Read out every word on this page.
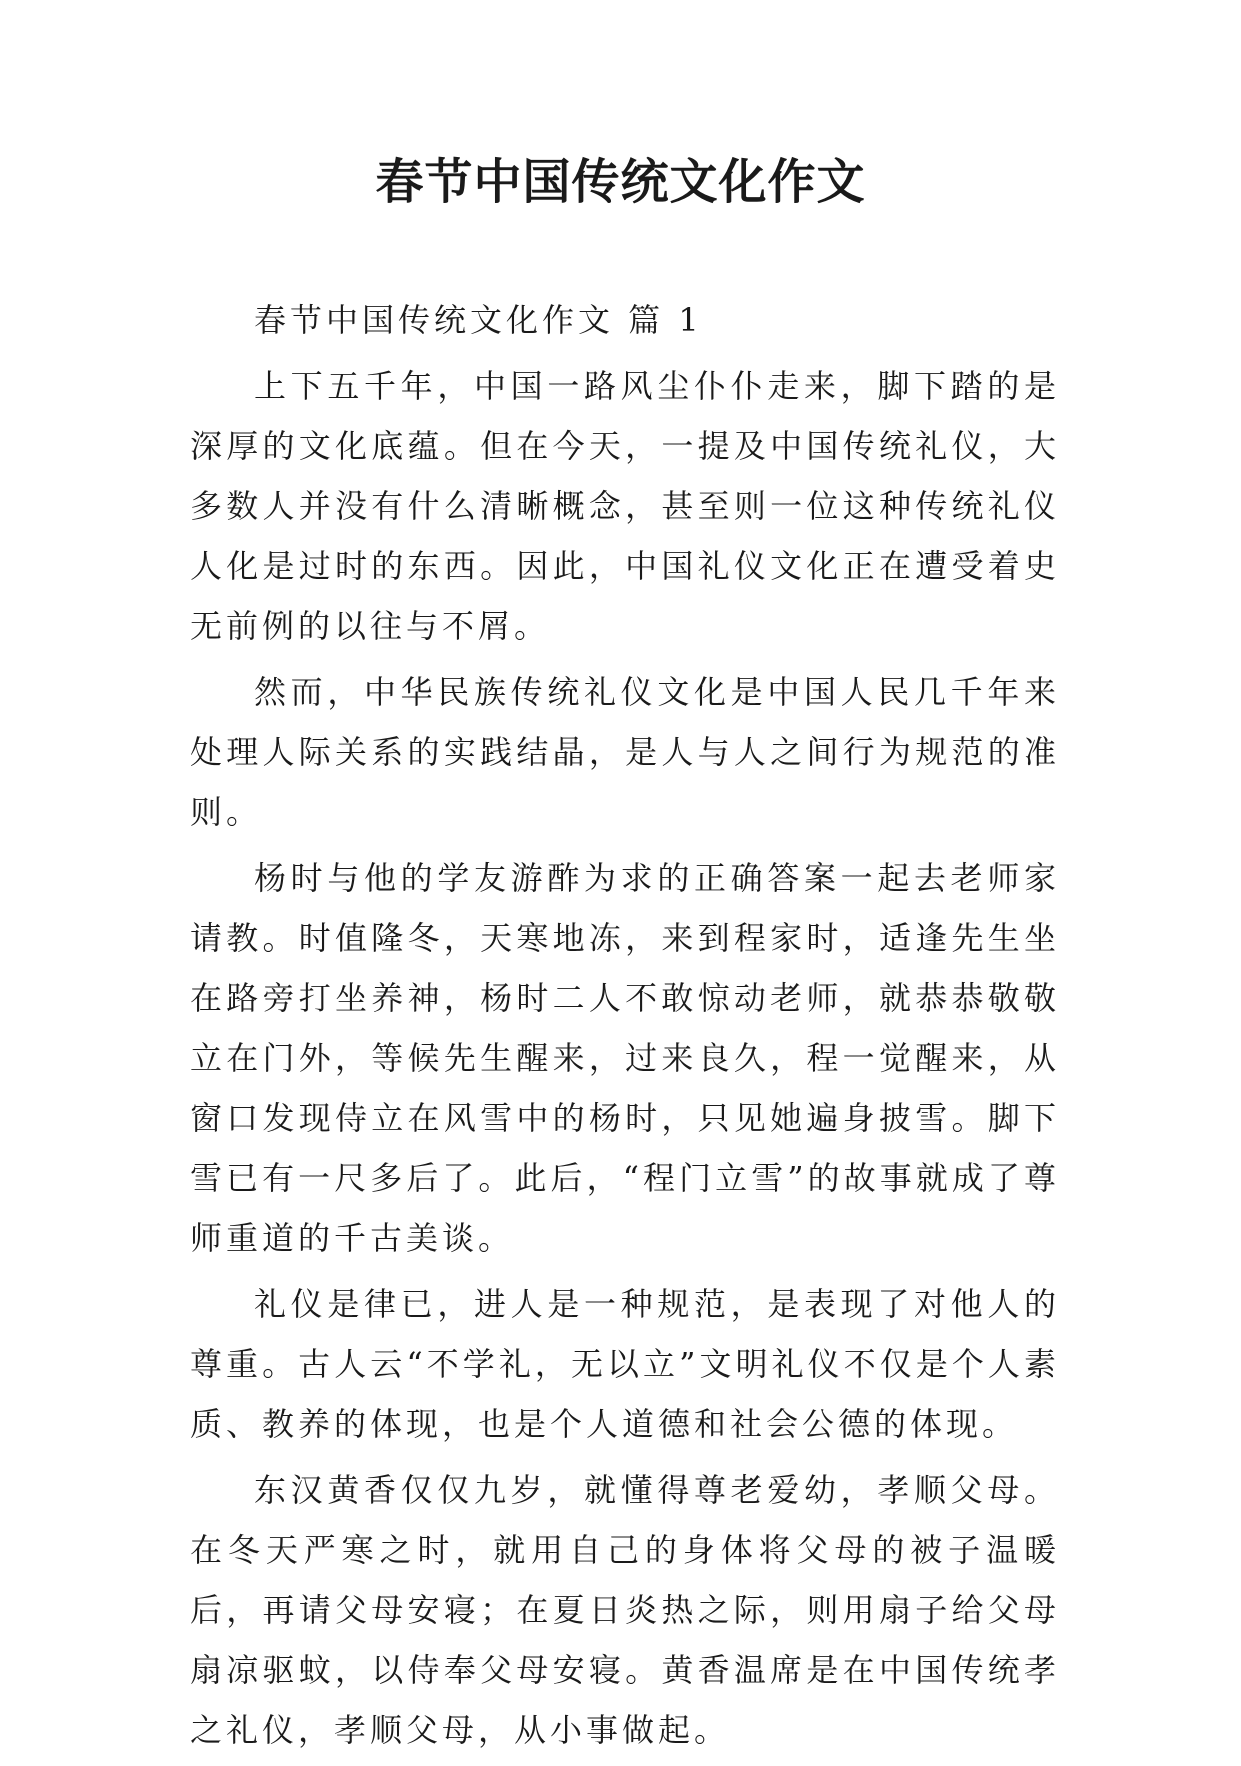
春节中国传统文化作文

春节中国传统文化作文 篇 1

上下五千年，中国一路风尘仆仆走来，脚下踏的是深厚的文化底蕴。但在今天，一提及中国传统礼仪，大多数人并没有什么清晰概念，甚至则一位这种传统礼仪人化是过时的东西。因此，中国礼仪文化正在遭受着史无前例的以往与不屑。

然而，中华民族传统礼仪文化是中国人民几千年来处理人际关系的实践结晶，是人与人之间行为规范的准则。

杨时与他的学友游酢为求的正确答案一起去老师家请教。时值隆冬，天寒地冻，来到程家时，适逢先生坐在路旁打坐养神，杨时二人不敢惊动老师，就恭恭敬敬立在门外，等候先生醒来，过来良久，程一觉醒来，从窗口发现侍立在风雪中的杨时，只见她遍身披雪。脚下雪已有一尺多后了。此后，“程门立雪”的故事就成了尊师重道的千古美谈。

礼仪是律已，进人是一种规范，是表现了对他人的尊重。古人云“不学礼，无以立”文明礼仪不仅是个人素质、教养的体现，也是个人道德和社会公德的体现。

东汉黄香仅仅九岁，就懂得尊老爱幼，孝顺父母。在冬天严寒之时，就用自己的身体将父母的被子温暖后，再请父母安寝；在夏日炎热之际，则用扇子给父母扇凉驱蚊，以侍奉父母安寝。黄香温席是在中国传统孝之礼仪，孝顺父母，从小事做起。
